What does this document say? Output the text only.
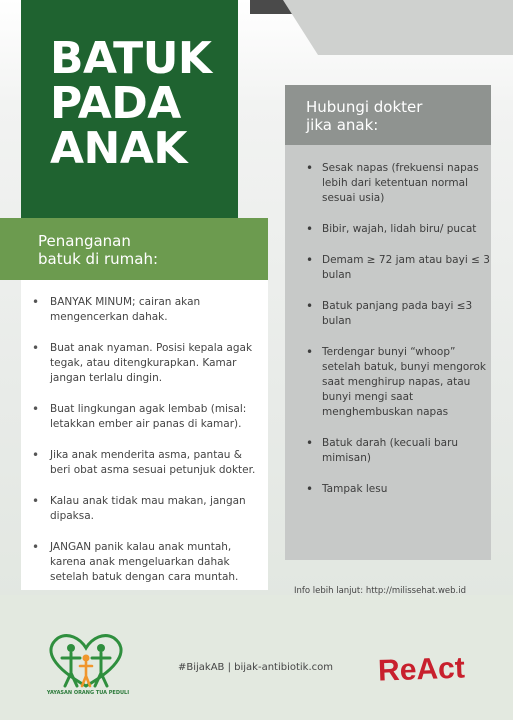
BATUK
PADA
ANAK
Penanganan
batuk di rumah:
• BANYAK MINUM; cairan akan mengencerkan dahak.
• Buat anak nyaman. Posisi kepala agak tegak, atau ditengkurapkan. Kamar jangan terlalu dingin.
• Buat lingkungan agak lembab (misal: letakkan ember air panas di kamar).
• Jika anak menderita asma, pantau & beri obat asma sesuai petunjuk dokter.
• Kalau anak tidak mau makan, jangan dipaksa.
• JANGAN panik kalau anak muntah, karena anak mengeluarkan dahak setelah batuk dengan cara muntah.
Hubungi dokter
jika anak:
• Sesak napas (frekuensi napas lebih dari ketentuan normal sesuai usia)
• Bibir, wajah, lidah biru/ pucat
• Demam ≥ 72 jam atau bayi ≤ 3 bulan
• Batuk panjang pada bayi ≤3 bulan
• Terdengar bunyi “whoop” setelah batuk, bunyi mengorok saat menghirup napas, atau bunyi mengi saat menghembuskan napas
• Batuk darah (kecuali baru mimisan)
• Tampak lesu
Info lebih lanjut: http://milissehat.web.id
YAYASAN ORANG TUA PEDULI
#BijakAB | bijak-antibiotik.com ReAct
